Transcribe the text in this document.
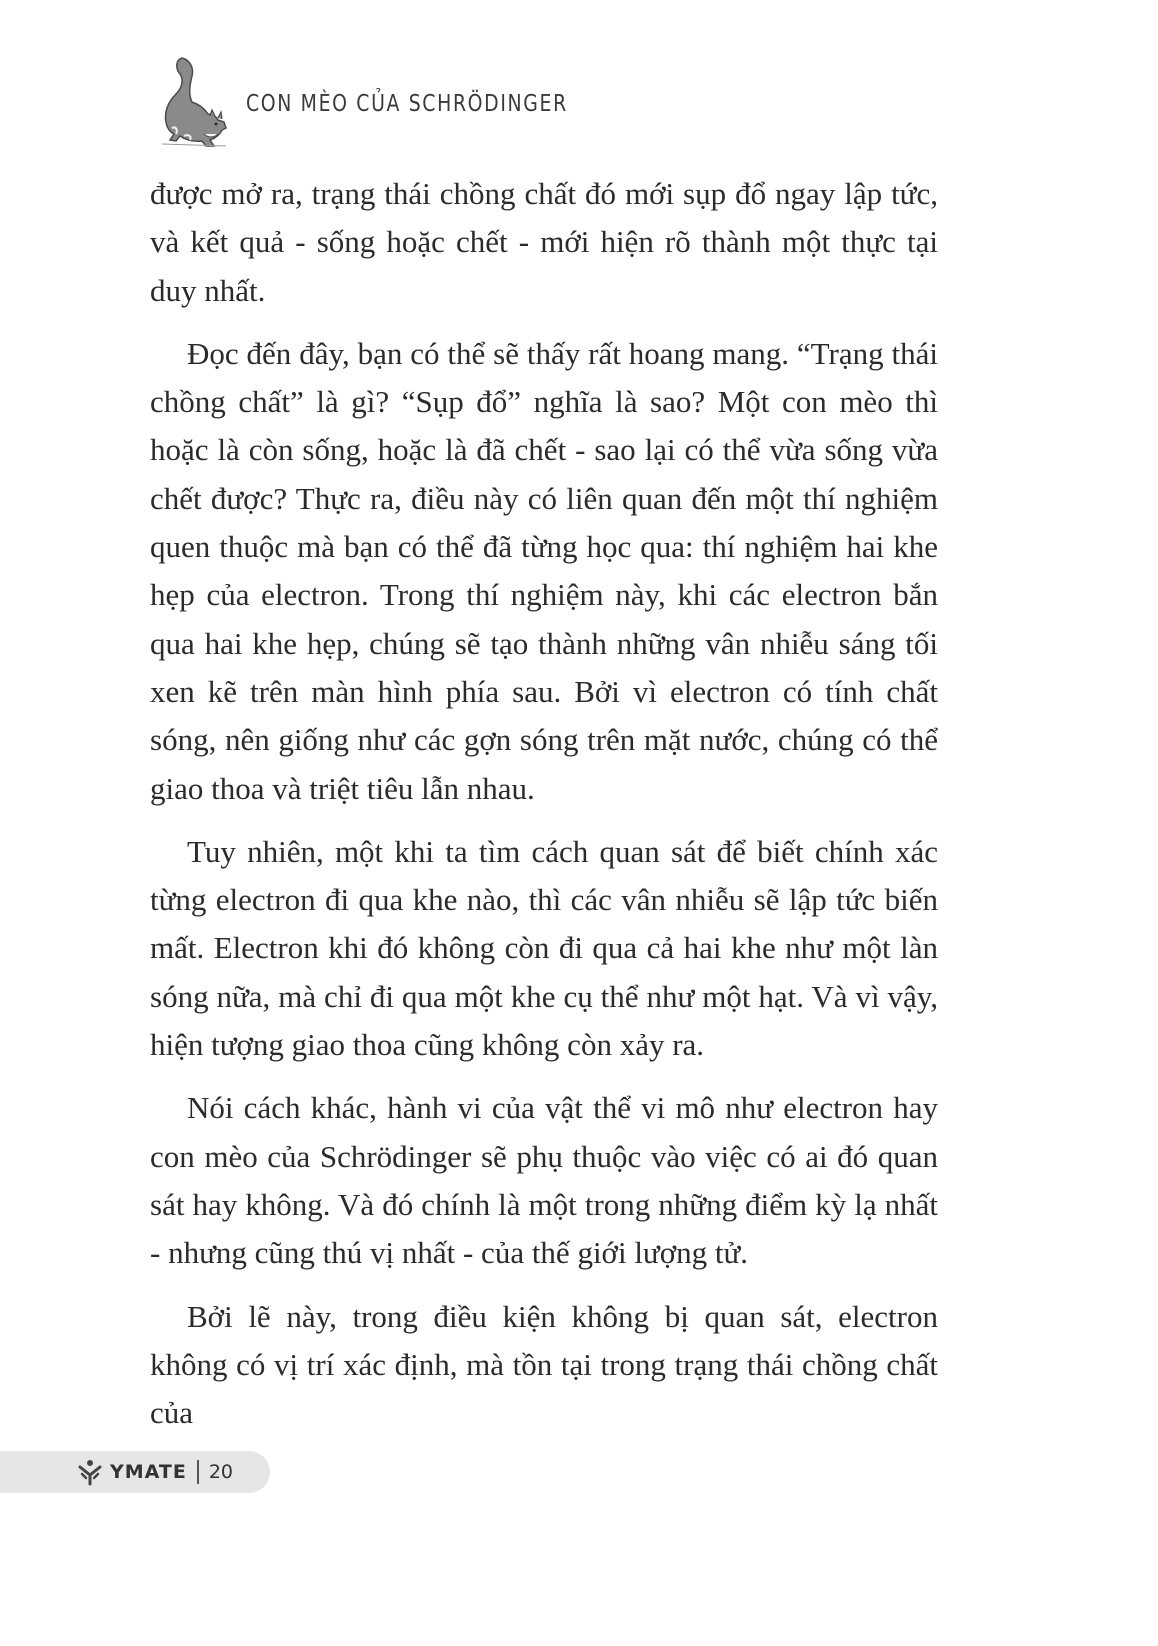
CON MÈO CỦA SCHRÖDINGER

được mở ra, trạng thái chồng chất đó mới sụp đổ ngay lập tức, và kết quả - sống hoặc chết - mới hiện rõ thành một thực tại duy nhất.

Đọc đến đây, bạn có thể sẽ thấy rất hoang mang. “Trạng thái chồng chất” là gì? “Sụp đổ” nghĩa là sao? Một con mèo thì hoặc là còn sống, hoặc là đã chết - sao lại có thể vừa sống vừa chết được? Thực ra, điều này có liên quan đến một thí nghiệm quen thuộc mà bạn có thể đã từng học qua: thí nghiệm hai khe hẹp của electron. Trong thí nghiệm này, khi các electron bắn qua hai khe hẹp, chúng sẽ tạo thành những vân nhiễu sáng tối xen kẽ trên màn hình phía sau. Bởi vì electron có tính chất sóng, nên giống như các gợn sóng trên mặt nước, chúng có thể giao thoa và triệt tiêu lẫn nhau.

Tuy nhiên, một khi ta tìm cách quan sát để biết chính xác từng electron đi qua khe nào, thì các vân nhiễu sẽ lập tức biến mất. Electron khi đó không còn đi qua cả hai khe như một làn sóng nữa, mà chỉ đi qua một khe cụ thể như một hạt. Và vì vậy, hiện tượng giao thoa cũng không còn xảy ra.

Nói cách khác, hành vi của vật thể vi mô như electron hay con mèo của Schrödinger sẽ phụ thuộc vào việc có ai đó quan sát hay không. Và đó chính là một trong những điểm kỳ lạ nhất - nhưng cũng thú vị nhất - của thế giới lượng tử.

Bởi lẽ này, trong điều kiện không bị quan sát, electron không có vị trí xác định, mà tồn tại trong trạng thái chồng chất của

YMATE 20
